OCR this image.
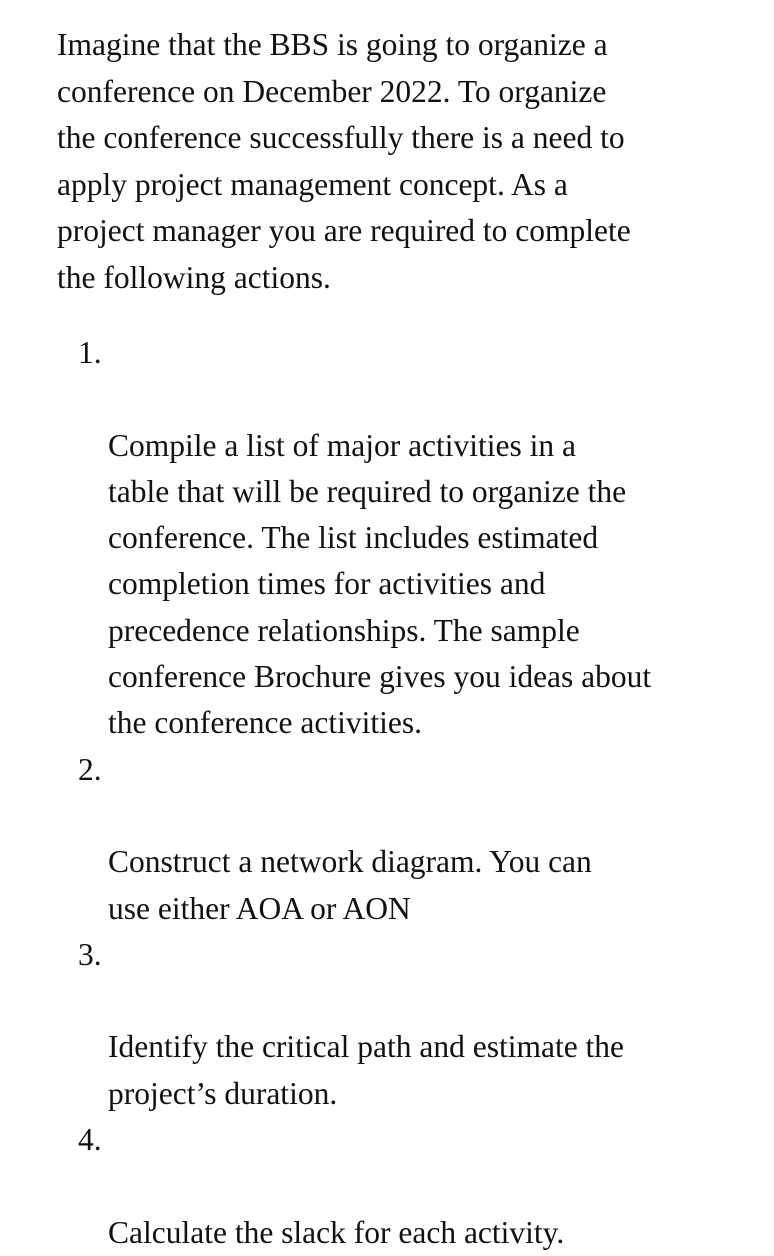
Imagine that the BBS is going to organize a
conference on December 2022. To organize
the conference successfully there is a need to
apply project management concept. As a
project manager you are required to complete
the following actions.

1.

Compile a list of major activities in a
table that will be required to organize the
conference. The list includes estimated
completion times for activities and
precedence relationships. The sample
conference Brochure gives you ideas about
the conference activities.

2.

Construct a network diagram. You can
use either AOA or AON

3.

Identify the critical path and estimate the
project’s duration.

4.

Calculate the slack for each activity.
